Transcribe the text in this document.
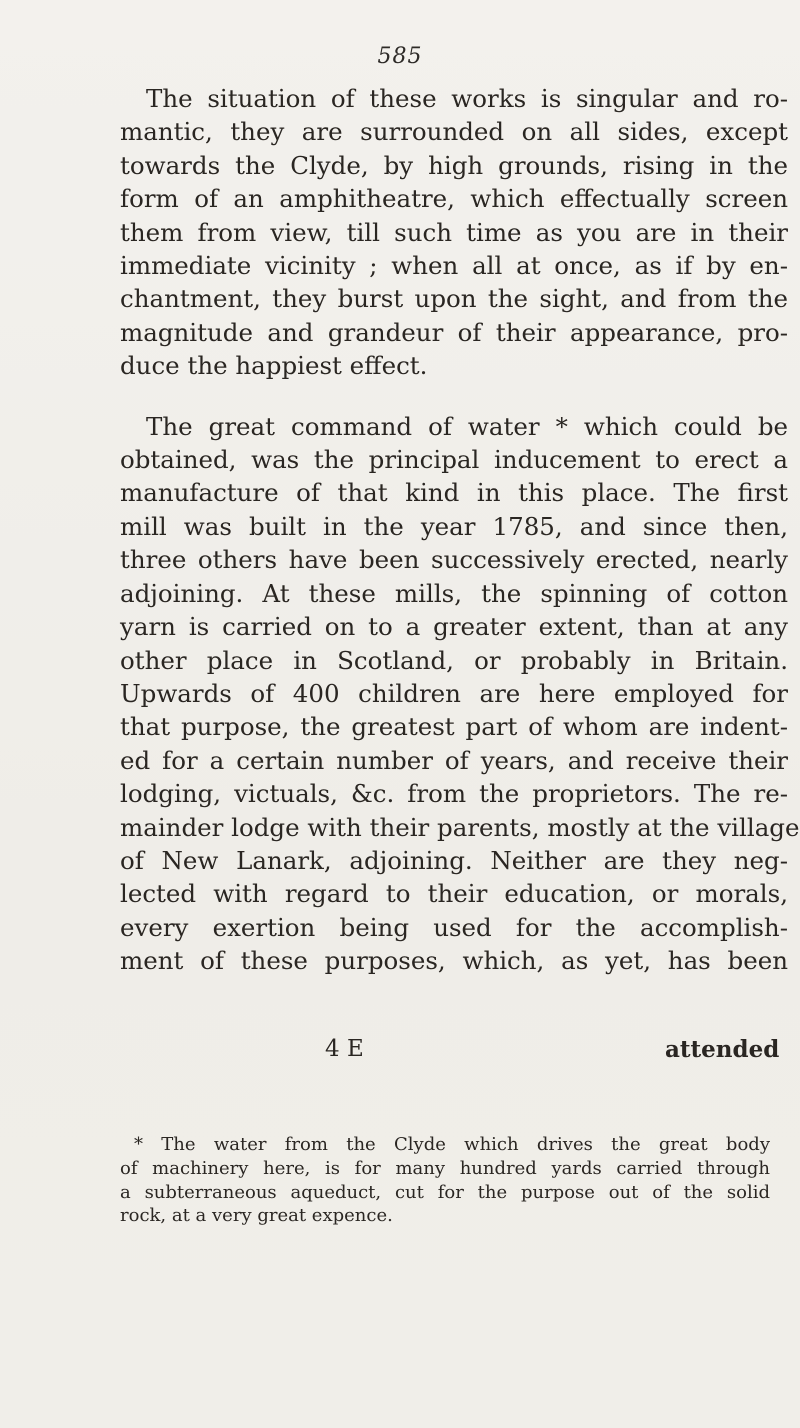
585

The situation of these works is singular and ro-
mantic, they are surrounded on all sides, except
towards the Clyde, by high grounds, rising in the
form of an amphitheatre, which effectually screen
them from view, till such time as you are in their
immediate vicinity ; when all at once, as if by en-
chantment, they burst upon the sight, and from the
magnitude and grandeur of their appearance, pro-
duce the happiest effect.

The great command of water * which could be
obtained, was the principal inducement to erect a
manufacture of that kind in this place. The first
mill was built in the year 1785, and since then,
three others have been successively erected, nearly
adjoining. At these mills, the spinning of cotton
yarn is carried on to a greater extent, than at any
other place in Scotland, or probably in Britain.
Upwards of 400 children are here employed for
that purpose, the greatest part of whom are indent-
ed for a certain number of years, and receive their
lodging, victuals, &c. from the proprietors. The re-
mainder lodge with their parents, mostly at the village
of New Lanark, adjoining. Neither are they neg-
lected with regard to their education, or morals,
every exertion being used for the accomplish-
ment of these purposes, which, as yet, has been

4 E	attended
* The water from the Clyde which drives the great body
of machinery here, is for many hundred yards carried through
a subterraneous aqueduct, cut for the purpose out of the solid
rock, at a very great expence.
